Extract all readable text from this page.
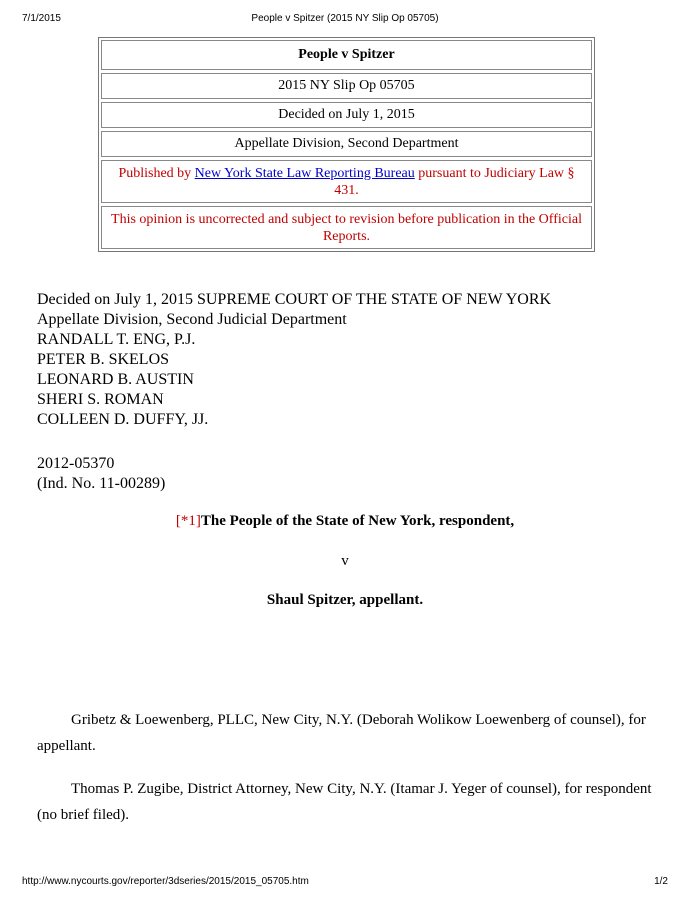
7/1/2015	People v Spitzer (2015 NY Slip Op 05705)
People v Spitzer
2015 NY Slip Op 05705
Decided on July 1, 2015
Appellate Division, Second Department
Published by New York State Law Reporting Bureau pursuant to Judiciary Law § 431.
This opinion is uncorrected and subject to revision before publication in the Official Reports.
Decided on July 1, 2015 SUPREME COURT OF THE STATE OF NEW YORK
Appellate Division, Second Judicial Department
RANDALL T. ENG, P.J.
PETER B. SKELOS
LEONARD B. AUSTIN
SHERI S. ROMAN
COLLEEN D. DUFFY, JJ.
2012-05370
(Ind. No. 11-00289)
[*1]The People of the State of New York, respondent,
v
Shaul Spitzer, appellant.
Gribetz & Loewenberg, PLLC, New City, N.Y. (Deborah Wolikow Loewenberg of counsel), for appellant.
Thomas P. Zugibe, District Attorney, New City, N.Y. (Itamar J. Yeger of counsel), for respondent (no brief filed).
http://www.nycourts.gov/reporter/3dseries/2015/2015_05705.htm	1/2
